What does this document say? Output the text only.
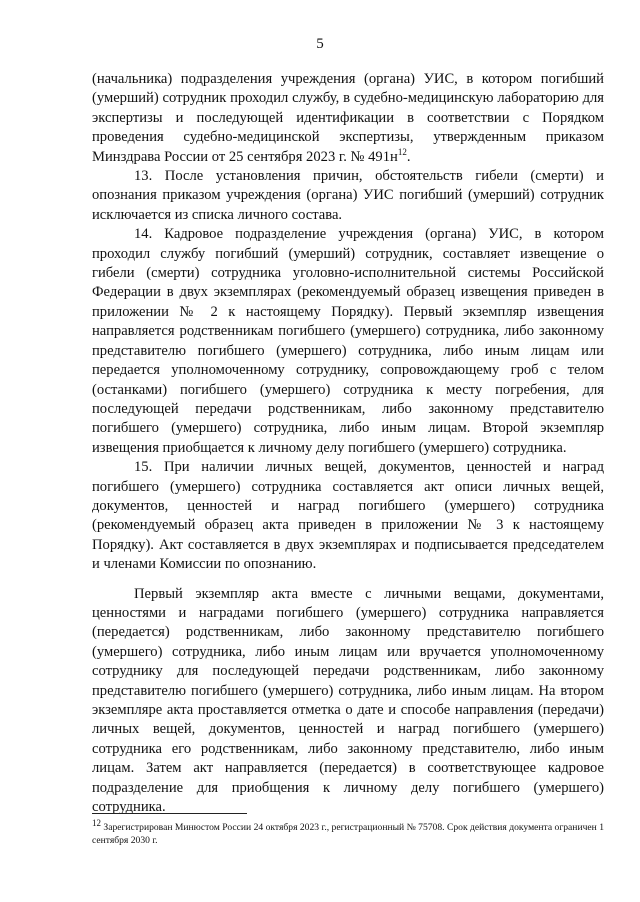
5

(начальника) подразделения учреждения (органа) УИС, в котором погибший (умерший) сотрудник проходил службу, в судебно-медицинскую лабораторию для экспертизы и последующей идентификации в соответствии с Порядком проведения судебно-медицинской экспертизы, утвержденным приказом Минздрава России от 25 сентября 2023 г. № $491н^{12}$.

13. После установления причин, обстоятельств гибели (смерти) и опознания приказом учреждения (органа) УИС погибший (умерший) сотрудник исключается из списка личного состава.

14. Кадровое подразделение учреждения (органа) УИС, в котором проходил службу погибший (умерший) сотрудник, составляет извещение о гибели (смерти) сотрудника уголовно-исполнительной системы Российской Федерации в двух экземплярах (рекомендуемый образец извещения приведен в приложении № 2 к настоящему Порядку). Первый экземпляр извещения направляется родственникам погибшего (умершего) сотрудника, либо законному представителю погибшего (умершего) сотрудника, либо иным лицам или передается уполномоченному сотруднику, сопровождающему гроб с телом (останками) погибшего (умершего) сотрудника к месту погребения, для последующей передачи родственникам, либо законному представителю погибшего (умершего) сотрудника, либо иным лицам. Второй экземпляр извещения приобщается к личному делу погибшего (умершего) сотрудника.

15. При наличии личных вещей, документов, ценностей и наград погибшего (умершего) сотрудника составляется акт описи личных вещей, документов, ценностей и наград погибшего (умершего) сотрудника (рекомендуемый образец акта приведен в приложении № 3 к настоящему Порядку). Акт составляется в двух экземплярах и подписывается председателем и членами Комиссии по опознанию.

Первый экземпляр акта вместе с личными вещами, документами, ценностями и наградами погибшего (умершего) сотрудника направляется (передается) родственникам, либо законному представителю погибшего (умершего) сотрудника, либо иным лицам или вручается уполномоченному сотруднику для последующей передачи родственникам, либо законному представителю погибшего (умершего) сотрудника, либо иным лицам. На втором экземпляре акта проставляется отметка о дате и способе направления (передачи) личных вещей, документов, ценностей и наград погибшего (умершего) сотрудника его родственникам, либо законному представителю, либо иным лицам. Затем акт направляется (передается) в соответствующее кадровое подразделение для приобщения к личному делу погибшего (умершего) сотрудника.

$^{12}$ Зарегистрирован Минюстом России 24 октября 2023 г., регистрационный № 75708. Срок действия документа ограничен 1 сентября 2030 г.
